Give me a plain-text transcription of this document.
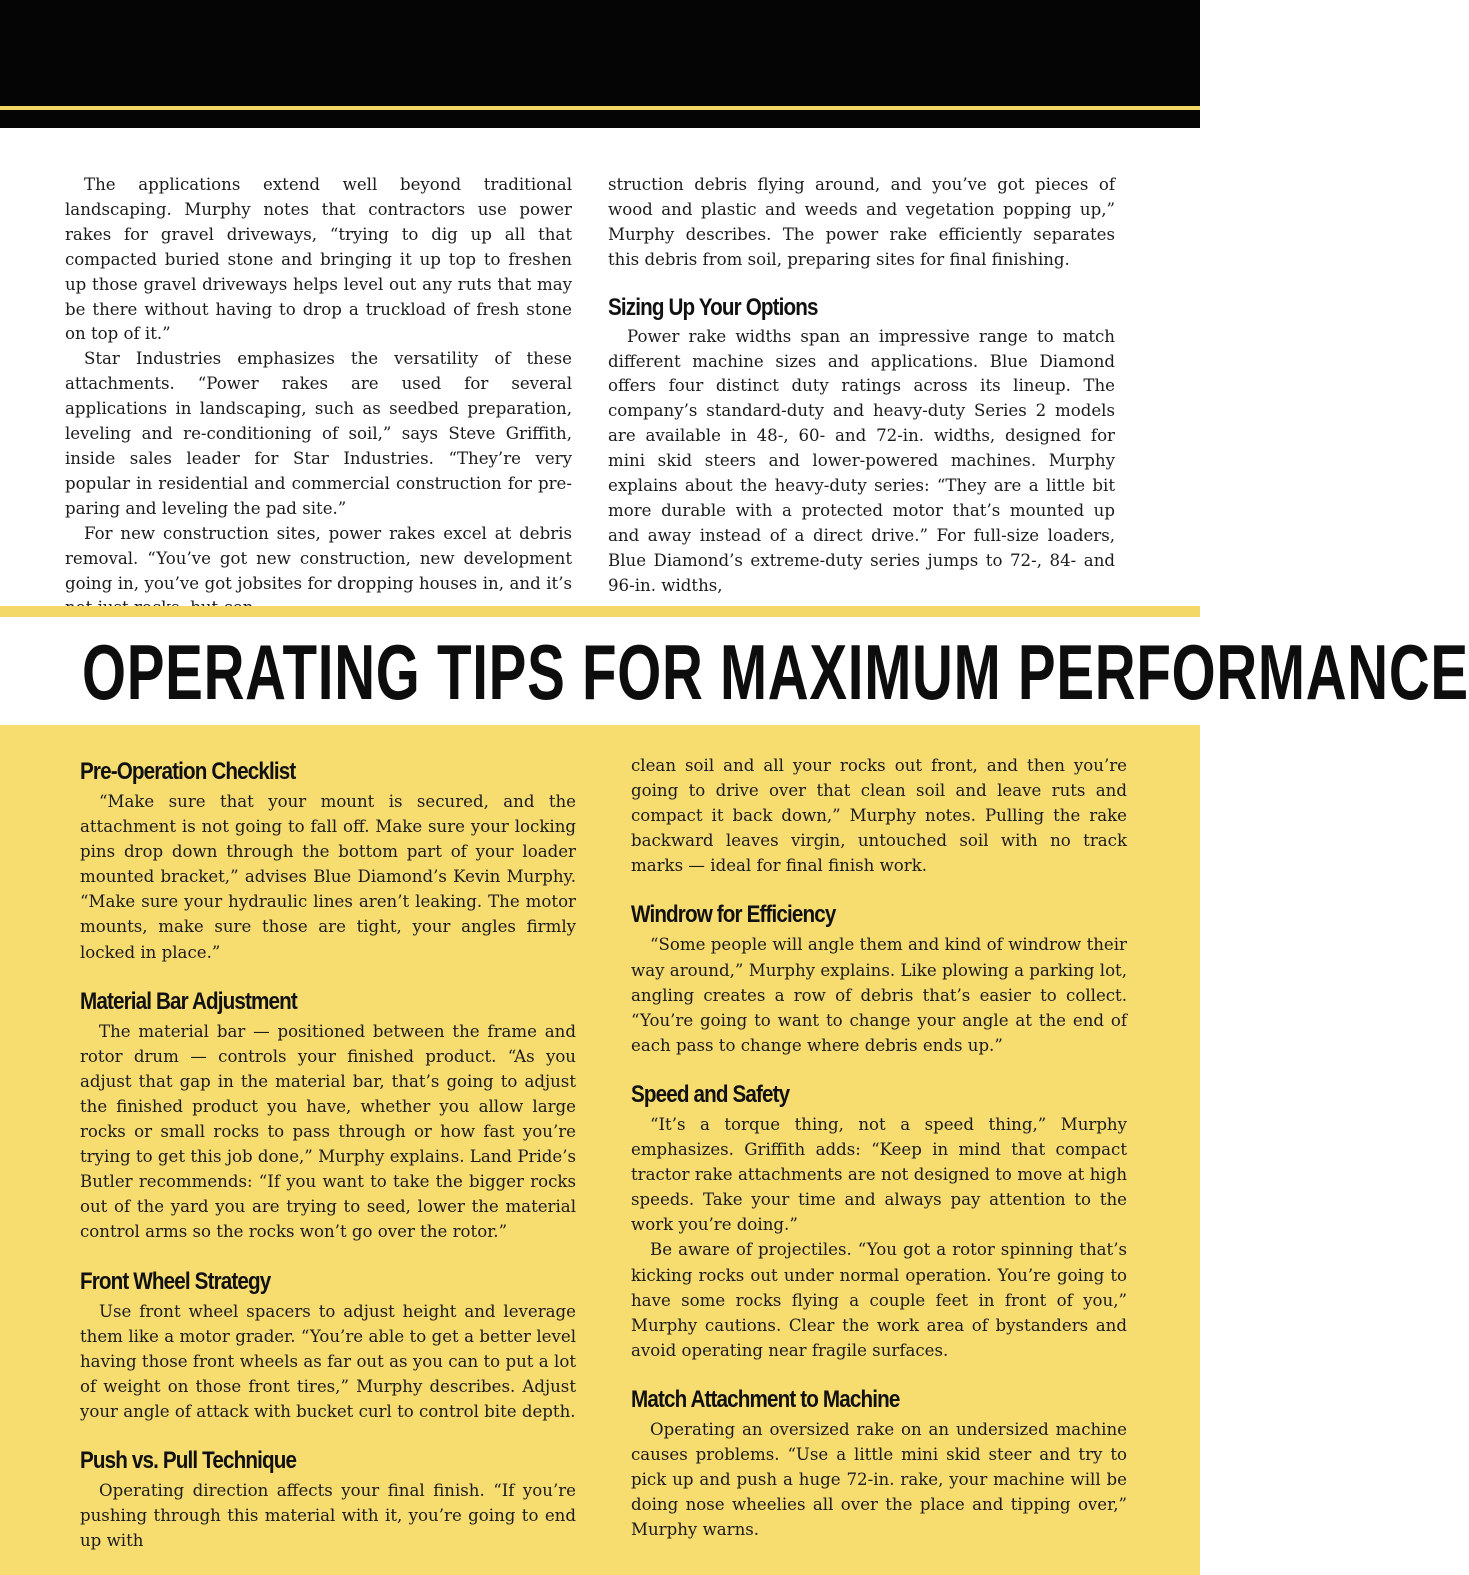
The applications extend well beyond traditional landscaping. Murphy notes that contractors use power rakes for gravel driveways, “trying to dig up all that compacted buried stone and bringing it up top to freshen up those gravel driveways helps level out any ruts that may be there without having to drop a truckload of fresh stone on top of it.”

Star Industries emphasizes the versatility of these attachments. “Power rakes are used for several applications in landscaping, such as seedbed preparation, leveling and re-conditioning of soil,” says Steve Griffith, inside sales leader for Star Industries. “They’re very popular in residential and commercial construction for preparing and leveling the pad site.”

For new construction sites, power rakes excel at debris removal. “You’ve got new construction, new development going in, you’ve got jobsites for dropping houses in, and it’s

struction debris flying around, and you’ve got pieces of wood and plastic and weeds and vegetation popping up,” Murphy describes. The power rake efficiently separates this debris from soil, preparing sites for final finishing.

Sizing Up Your Options

Power rake widths span an impressive range to match different machine sizes and applications. Blue Diamond offers four distinct duty ratings across its lineup. The company’s standard-duty and heavy-duty Series 2 models are available in 48-, 60- and 72-in. widths, designed for mini skid steers and lower-powered machines. Murphy explains about the heavy-duty series: “They are a little bit more durable with a protected motor that’s mounted up and away instead of a direct drive.” For full-size loaders, Blue Diamond’s extreme-duty series jumps to 72-, 84- and 96-in. widths,

OPERATING TIPS FOR MAXIMUM PERFORMANCE
Pre-Operation Checklist

“Make sure that your mount is secured, and the attachment is not going to fall off. Make sure your locking pins drop down through the bottom part of your loader mounted bracket,” advises Blue Diamond’s Kevin Murphy. “Make sure your hydraulic lines aren’t leaking. The motor mounts, make sure those are tight, your angles firmly locked in place.”

Material Bar Adjustment

The material bar — positioned between the frame and rotor drum — controls your finished product. “As you adjust that gap in the material bar, that’s going to adjust the finished product you have, whether you allow large rocks or small rocks to pass through or how fast you’re trying to get this job done,” Murphy explains. Land Pride’s Butler recommends: “If you want to take the bigger rocks out of the yard you are trying to seed, lower the material control arms so the rocks won’t go over the rotor.”

Front Wheel Strategy

Use front wheel spacers to adjust height and leverage them like a motor grader. “You’re able to get a better level having those front wheels as far out as you can to put a lot of weight on those front tires,” Murphy describes. Adjust your angle of attack with bucket curl to control bite depth.

Push vs. Pull Technique

Operating direction affects your final finish. “If you’re pushing through this material with it, you’re going to end up with

clean soil and all your rocks out front, and then you’re going to drive over that clean soil and leave ruts and compact it back down,” Murphy notes. Pulling the rake backward leaves virgin, untouched soil with no track marks — ideal for final finish work.

Windrow for Efficiency

“Some people will angle them and kind of windrow their way around,” Murphy explains. Like plowing a parking lot, angling creates a row of debris that’s easier to collect. “You’re going to want to change your angle at the end of each pass to change where debris ends up.”

Speed and Safety

“It’s a torque thing, not a speed thing,” Murphy emphasizes. Griffith adds: “Keep in mind that compact tractor rake attachments are not designed to move at high speeds. Take your time and always pay attention to the work you’re doing.”

Be aware of projectiles. “You got a rotor spinning that’s kicking rocks out under normal operation. You’re going to have some rocks flying a couple feet in front of you,” Murphy cautions. Clear the work area of bystanders and avoid operating near fragile surfaces.

Match Attachment to Machine

Operating an oversized rake on an undersized machine causes problems. “Use a little mini skid steer and try to pick up and push a huge 72-in. rake, your machine will be doing nose wheelies all over the place and tipping over,” Murphy warns.
